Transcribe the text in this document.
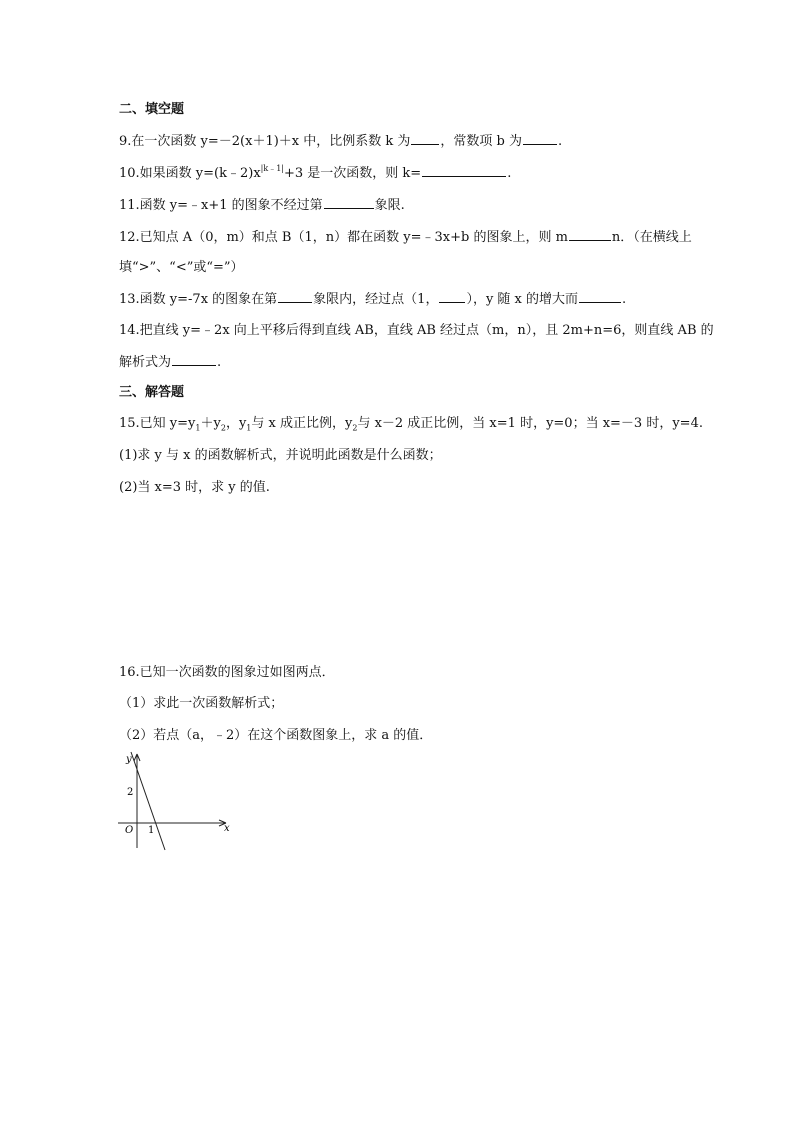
二、填空题
9.在一次函数 y=－2(x＋1)＋x 中，比例系数 k 为 ，常数项 b 为	.
10.如果函数 $y=(k﹣2)x^{|k﹣1|}+3$ 是一次函数，则 k=	.
11.函数 y=﹣x+1 的图象不经过第	象限.
12.已知点 A（0，m）和点 B（1，n）都在函数 y=﹣3x+b 的图象上，则 m	n．（在横线上
填“>”、“<”或“=”）
13.函数 y=-7x 的图象在第	象限内，经过点（1， ），y 随 x 的增大而	.
14.把直线 y=﹣2x 向上平移后得到直线 AB，直线 AB 经过点（m，n），且 2m+n=6，则直线 AB 的
解析式为	.
三、解答题
15.已知 $y=y_1+y_2$，$y_1$与 x 成正比例，$y_2$与 x－2 成正比例，当 x=1 时，y=0；当 x=－3 时，y=4.
(1)求 y 与 x 的函数解析式，并说明此函数是什么函数；
(2)当 x=3 时，求 y 的值.
16.已知一次函数的图象过如图两点．
（1）求此一次函数解析式；
（2）若点（a，﹣2）在这个函数图象上，求 a 的值．
y
x
O
2
1
